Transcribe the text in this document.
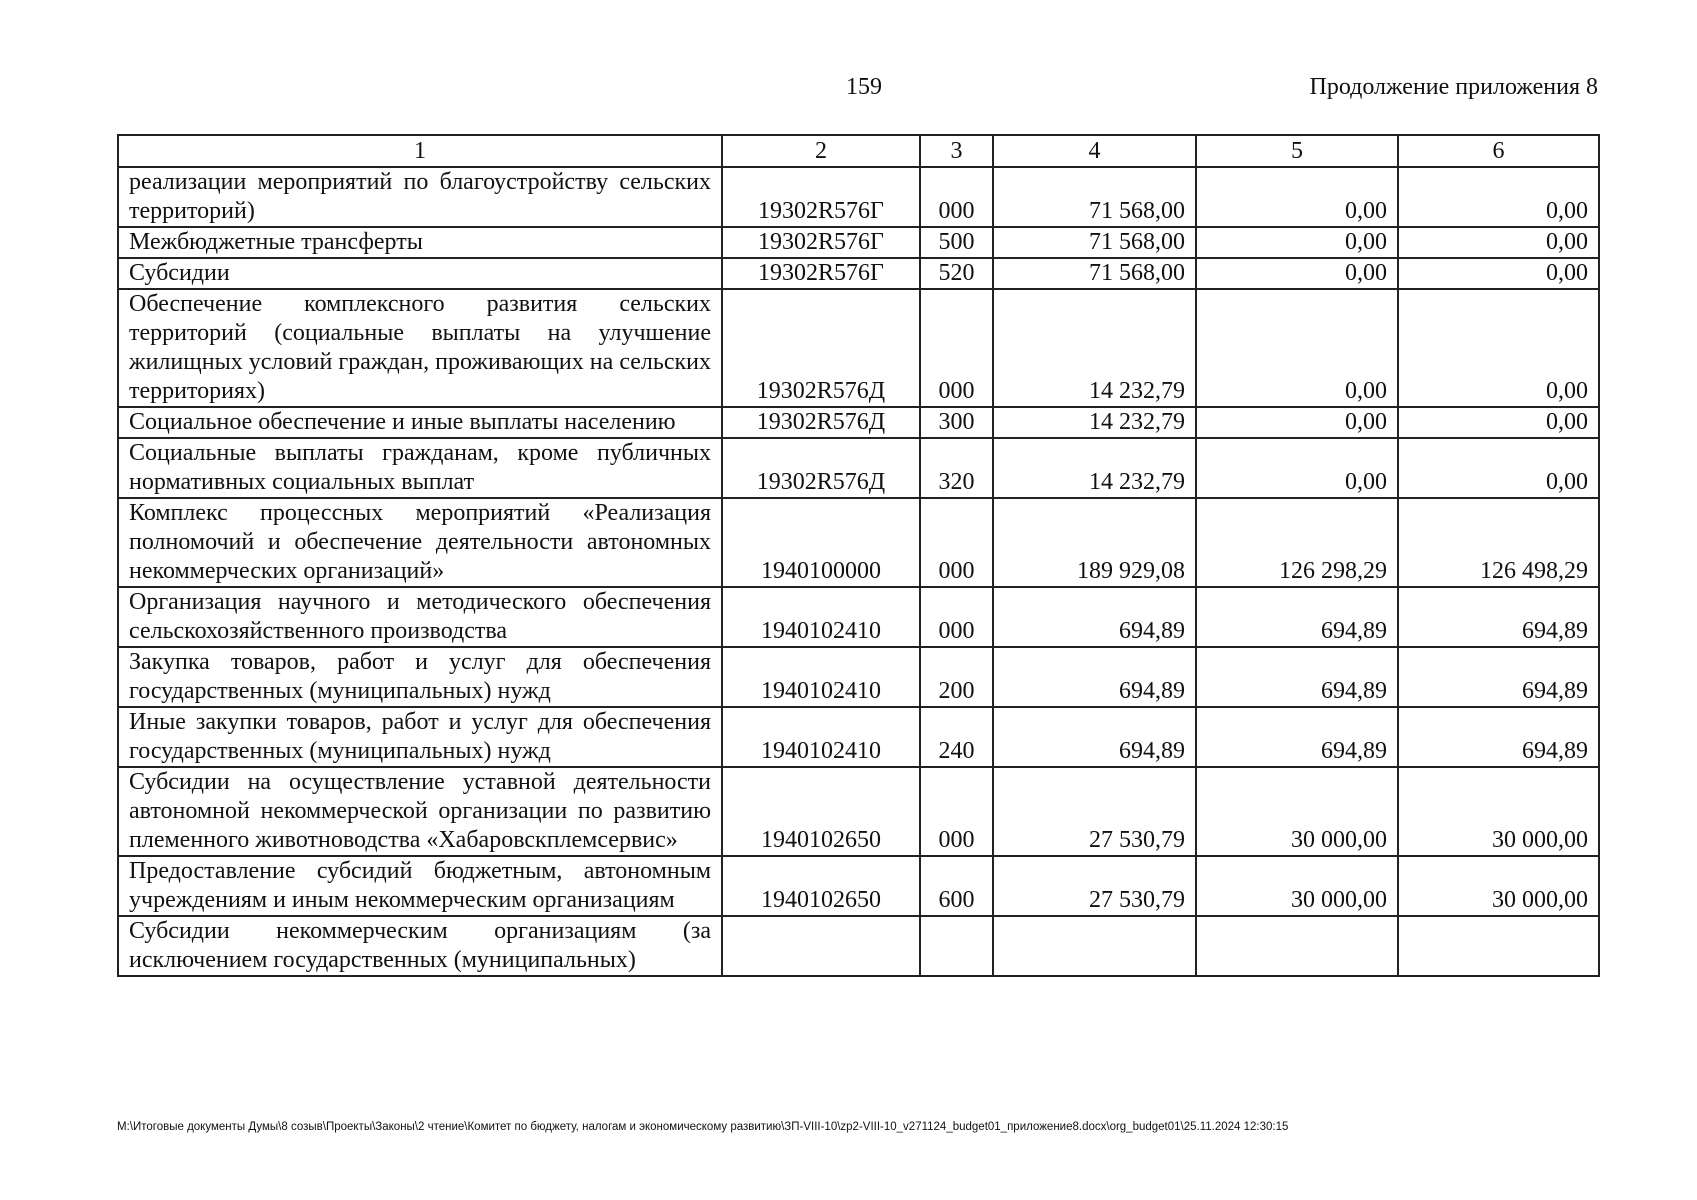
159	Продолжение приложения 8
1	2	3	4	5	6
реализации мероприятий по благоустройству сельских территорий)	19302R576Г	000	71 568,00	0,00	0,00
Межбюджетные трансферты	19302R576Г	500	71 568,00	0,00	0,00
Субсидии	19302R576Г	520	71 568,00	0,00	0,00
Обеспечение комплексного развития сельских территорий (социальные выплаты на улучшение жилищных условий граждан, проживающих на сельских территориях)	19302R576Д	000	14 232,79	0,00	0,00
Социальное обеспечение и иные выплаты населению	19302R576Д	300	14 232,79	0,00	0,00
Социальные выплаты гражданам, кроме публичных нормативных социальных выплат	19302R576Д	320	14 232,79	0,00	0,00
Комплекс процессных мероприятий «Реализация полномочий и обеспечение деятельности автономных некоммерческих организаций»	1940100000	000	189 929,08	126 298,29	126 498,29
Организация научного и методического обеспечения сельскохозяйственного производства	1940102410	000	694,89	694,89	694,89
Закупка товаров, работ и услуг для обеспечения государственных (муниципальных) нужд	1940102410	200	694,89	694,89	694,89
Иные закупки товаров, работ и услуг для обеспечения государственных (муниципальных) нужд	1940102410	240	694,89	694,89	694,89
Субсидии на осуществление уставной деятельности автономной некоммерческой организации по развитию племенного животноводства «Хабаровскплемсервис»	1940102650	000	27 530,79	30 000,00	30 000,00
Предоставление субсидий бюджетным, автономным учреждениям и иным некоммерческим организациям	1940102650	600	27 530,79	30 000,00	30 000,00
Субсидии некоммерческим организациям (за исключением государственных (муниципальных)					
M:\Итоговые документы Думы\8 созыв\Проекты\Законы\2 чтение\Комитет по бюджету, налогам и экономическому развитию\ЗП-VIII-10\zp2-VIII-10_v271124_budget01_приложение8.docx\org_budget01\25.11.2024 12:30:15
